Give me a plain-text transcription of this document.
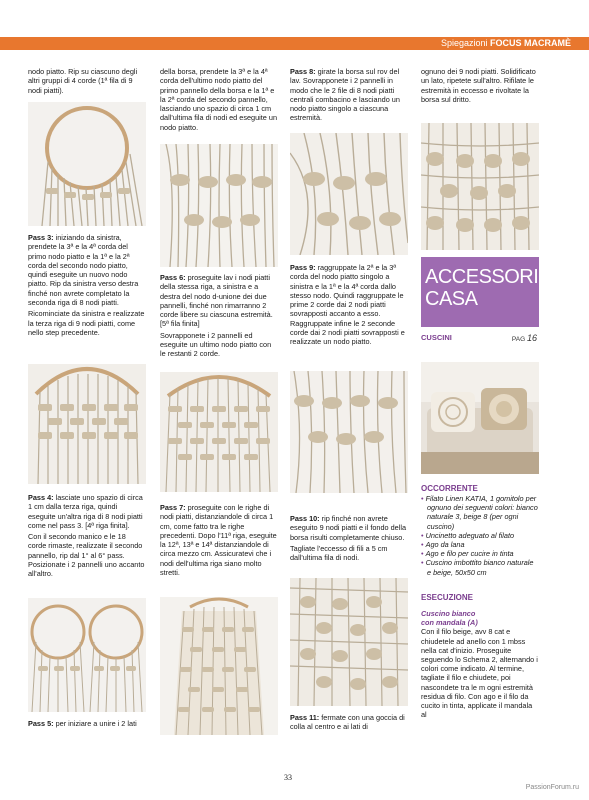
Spiegazioni FOCUS MACRAMÈ

nodo piatto. Rip su ciascuno degli altri gruppi di 4 corde (1ª fila di 9 nodi piatti).

Pass 3: iniziando da sinistra, prendete la 3ª e la 4ª corda del primo nodo piatto e la 1ª e la 2ª corda del secondo nodo piatto, quindi eseguite un nuovo nodo piatto. Rip da sinistra verso destra finché non avrete completato la seconda riga di 8 nodi piatti.

Ricominciate da sinistra e realizzate la terza riga di 9 nodi piatti, come nello step precedente.

Pass 4: lasciate uno spazio di circa 1 cm dalla terza riga, quindi eseguite un'altra riga di 8 nodi piatti come nel pass 3. [4ª riga finita].

Con il secondo manico e le 18 corde rimaste, realizzate il secondo pannello, rip dal 1° al 6° pass. Posizionate i 2 pannelli uno accanto all'altro.

Pass 5: per iniziare a unire i 2 lati

della borsa, prendete la 3ª e la 4ª corda dell'ultimo nodo piatto del primo pannello della borsa e la 1ª e la 2ª corda del secondo pannello, lasciando uno spazio di circa 1 cm dall'ultima fila di nodi ed eseguite un nodo piatto.

Pass 6: proseguite lav i nodi piatti della stessa riga, a sinistra e a destra del nodo d-unione dei due pannelli, finché non rimarranno 2 corde libere su ciascuna estremità. [5ª fila finita]

Sovrapponete i 2 pannelli ed eseguite un ultimo nodo piatto con le restanti 2 corde.

Pass 7: proseguite con le righe di nodi piatti, distanziandole di circa 1 cm, come fatto tra le righe precedenti. Dopo l'11ª riga, eseguite la 12ª, 13ª e 14ª distanziandole di circa mezzo cm. Assicuratevi che i nodi dell'ultima riga siano molto stretti.

Pass 8: girate la borsa sul rov del lav. Sovrapponete i 2 pannelli in modo che le 2 file di 8 nodi piatti centrali combacino e lasciando un nodo piatto singolo a ciascuna estremità.

Pass 9: raggruppate la 2ª e la 3ª corda del nodo piatto singolo a sinistra e la 1ª e la 4ª corda dallo stesso nodo. Quindi raggruppate le prime 2 corde dai 2 nodi piatti sovrapposti accanto a esso. Raggruppate infine le 2 seconde corde dai 2 nodi piatti sovrapposti e realizzate un nodo piatto.

Pass 10: rip finché non avrete eseguito 9 nodi piatti e il fondo della borsa risulti completamente chiuso.

Tagliate l'eccesso di fili a 5 cm dall'ultima fila di nodi.

Pass 11: fermate con una goccia di colla al centro e ai lati di

ognuno dei 9 nodi piatti. Solidificato un lato, ripetete sull'altro. Rifilate le estremità in eccesso e rivoltate la borsa sul dritto.

ACCESSORI
CASA
CUSCINI	PAG 16
OCCORRENTE
• Filato Linen KATIA, 1 gomitolo per ognuno dei seguenti colori: bianco naturale 3, beige 8 (per ogni cuscino)
• Uncinetto adeguato al filato
• Ago da lana
• Ago e filo per cucire in tinta
• Cuscino imbottito bianco naturale e beige, 50x50 cm
ESECUZIONE
Cuscino bianco
con mandala (A)
Con il filo beige, avv 8 cat e chiudetele ad anello con 1 mbss nella cat d'inizio. Proseguite seguendo lo Schema 2, alternando i colori come indicato. Al termine, tagliate il filo e chiudete, poi nascondete tra le m ogni estremità residua di filo. Con ago e il filo da cucito in tinta, applicate il mandala al
33
PassionForum.ru
